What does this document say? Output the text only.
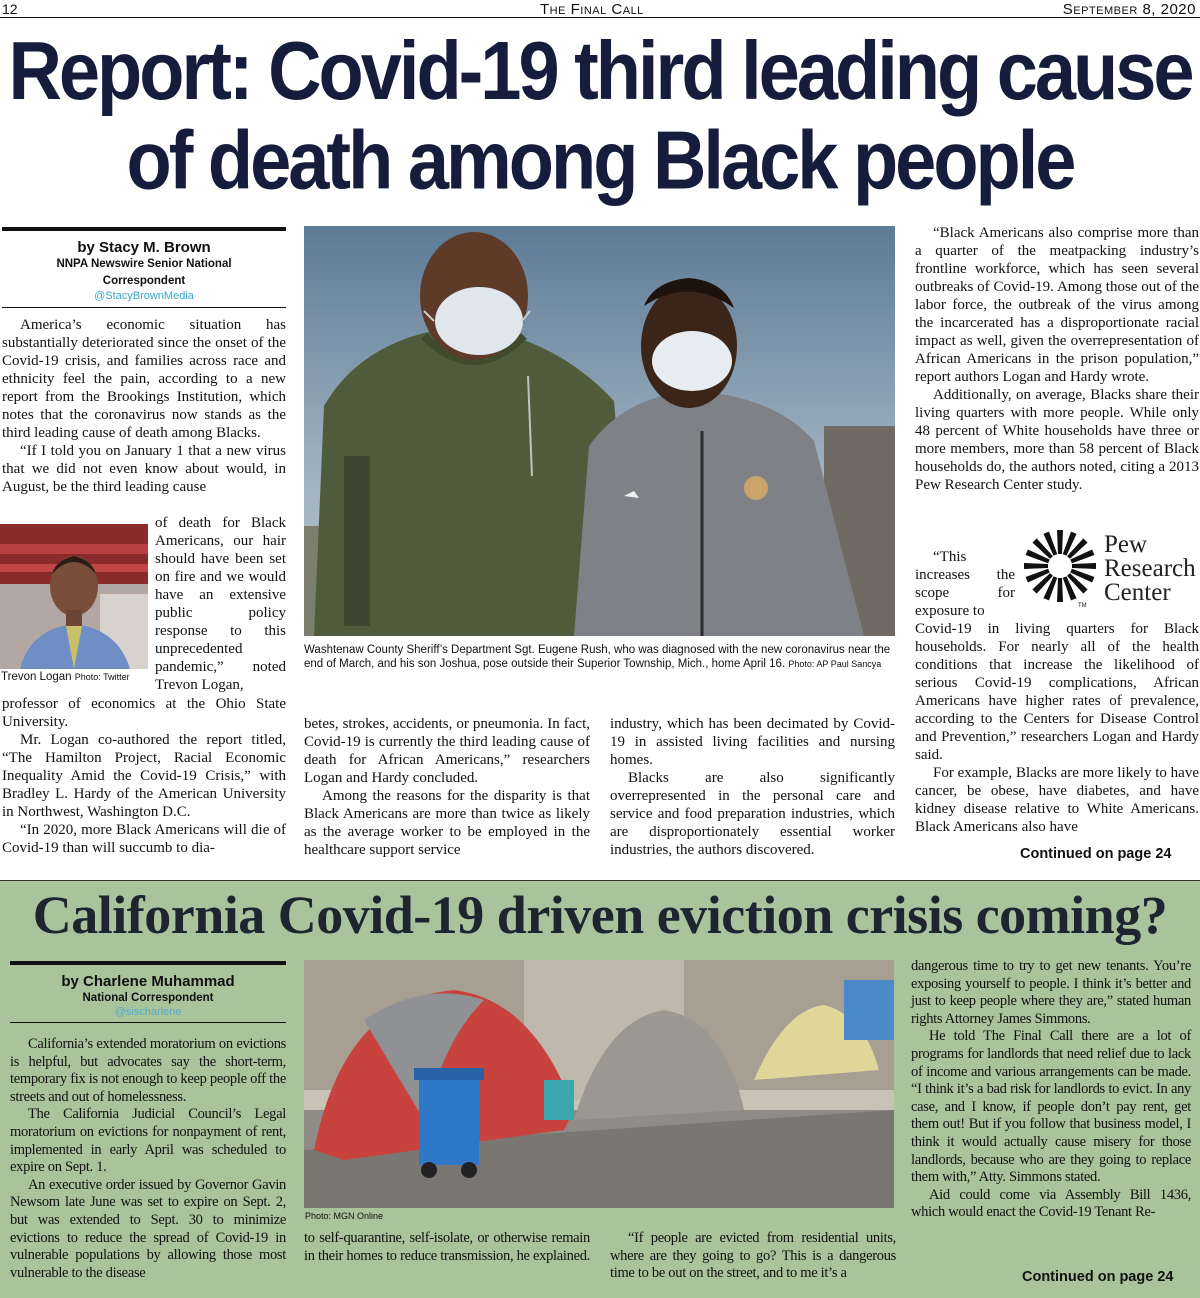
12	The Final Call	September 8, 2020
Report: Covid-19 third leading cause
of death among Black people
by Stacy M. Brown
NNPA Newswire Senior National
Correspondent
@StacyBrownMedia

America’s economic situation has substantially deteriorated since the onset of the Covid-19 crisis, and families across race and ethnicity feel the pain, according to a new report from the Brookings Institution, which notes that the coronavirus now stands as the third leading cause of death among Blacks.

“If I told you on January 1 that a new virus that we did not even know about would, in August, be the third leading cause

of death for Black Americans, our hair should have been set on fire and we would have an extensive public policy response to this unprecedented pandemic,” noted Trevon Logan,

professor of economics at the Ohio State University.

Mr. Logan co-authored the report titled, “The Hamilton Project, Racial Economic Inequality Amid the Covid-19 Crisis,” with Bradley L. Hardy of the American University in Northwest, Washington D.C.

“In 2020, more Black Americans will die of Covid-19 than will succumb to dia-

Trevon Logan Photo: Twitter
Washtenaw County Sheriff’s Department Sgt. Eugene Rush, who was diagnosed with the new coronavirus near the end of March, and his son Joshua, pose outside their Superior Township, Mich., home April 16. Photo: AP Paul Sancya

betes, strokes, accidents, or pneumonia. In fact, Covid-19 is currently the third leading cause of death for African Americans,” researchers Logan and Hardy concluded.

Among the reasons for the disparity is that Black Americans are more than twice as likely as the average worker to be employed in the healthcare support service

industry, which has been decimated by Covid-19 in assisted living facilities and nursing homes.

Blacks are also significantly overrepresented in the personal care and service and food preparation industries, which are disproportionately essential worker industries, the authors discovered.

“Black Americans also comprise more than a quarter of the meatpacking industry’s frontline workforce, which has seen several outbreaks of Covid-19. Among those out of the labor force, the outbreak of the virus among the incarcerated has a disproportionate racial impact as well, given the overrepresentation of African Americans in the prison population,” report authors Logan and Hardy wrote.

Additionally, on average, Blacks share their living quarters with more people. While only 48 percent of White households have three or more members, more than 58 percent of Black households do, the authors noted, citing a 2013 Pew Research Center study.

“This increases the scope for exposure to

Covid-19 in living quarters for Black households. For nearly all of the health conditions that increase the likelihood of serious Covid-19 complications, African Americans have higher rates of prevalence, according to the Centers for Disease Control and Prevention,” researchers Logan and Hardy said.

For example, Blacks are more likely to have cancer, be obese, have diabetes, and have kidney disease relative to White Americans. Black Americans also have

TM
Pew
Research
Center
Continued on page 24
California Covid-19 driven eviction crisis coming?
by Charlene Muhammad
National Correspondent
@sischarlene

California’s extended moratorium on evictions is helpful, but advocates say the short-term, temporary fix is not enough to keep people off the streets and out of homelessness.

The California Judicial Council’s Legal moratorium on evictions for nonpayment of rent, implemented in early April was scheduled to expire on Sept. 1.

An executive order issued by Governor Gavin Newsom late June was set to expire on Sept. 2, but was extended to Sept. 30 to minimize evictions to reduce the spread of Covid-19 in vulnerable populations by allowing those most vulnerable to the disease

Photo: MGN Online

to self-quarantine, self-isolate, or otherwise remain in their homes to reduce transmission, he explained.

“If people are evicted from residential units, where are they going to go? This is a dangerous time to be out on the street, and to me it’s a

dangerous time to try to get new tenants. You’re exposing yourself to people. I think it’s better and just to keep people where they are,” stated human rights Attorney James Simmons.

He told The Final Call there are a lot of programs for landlords that need relief due to lack of income and various arrangements can be made. “I think it’s a bad risk for landlords to evict. In any case, and I know, if people don’t pay rent, get them out! But if you follow that business model, I think it would actually cause misery for those landlords, because who are they going to replace them with,” Atty. Simmons stated.

Aid could come via Assembly Bill 1436, which would enact the Covid-19 Tenant Re-

Continued on page 24
